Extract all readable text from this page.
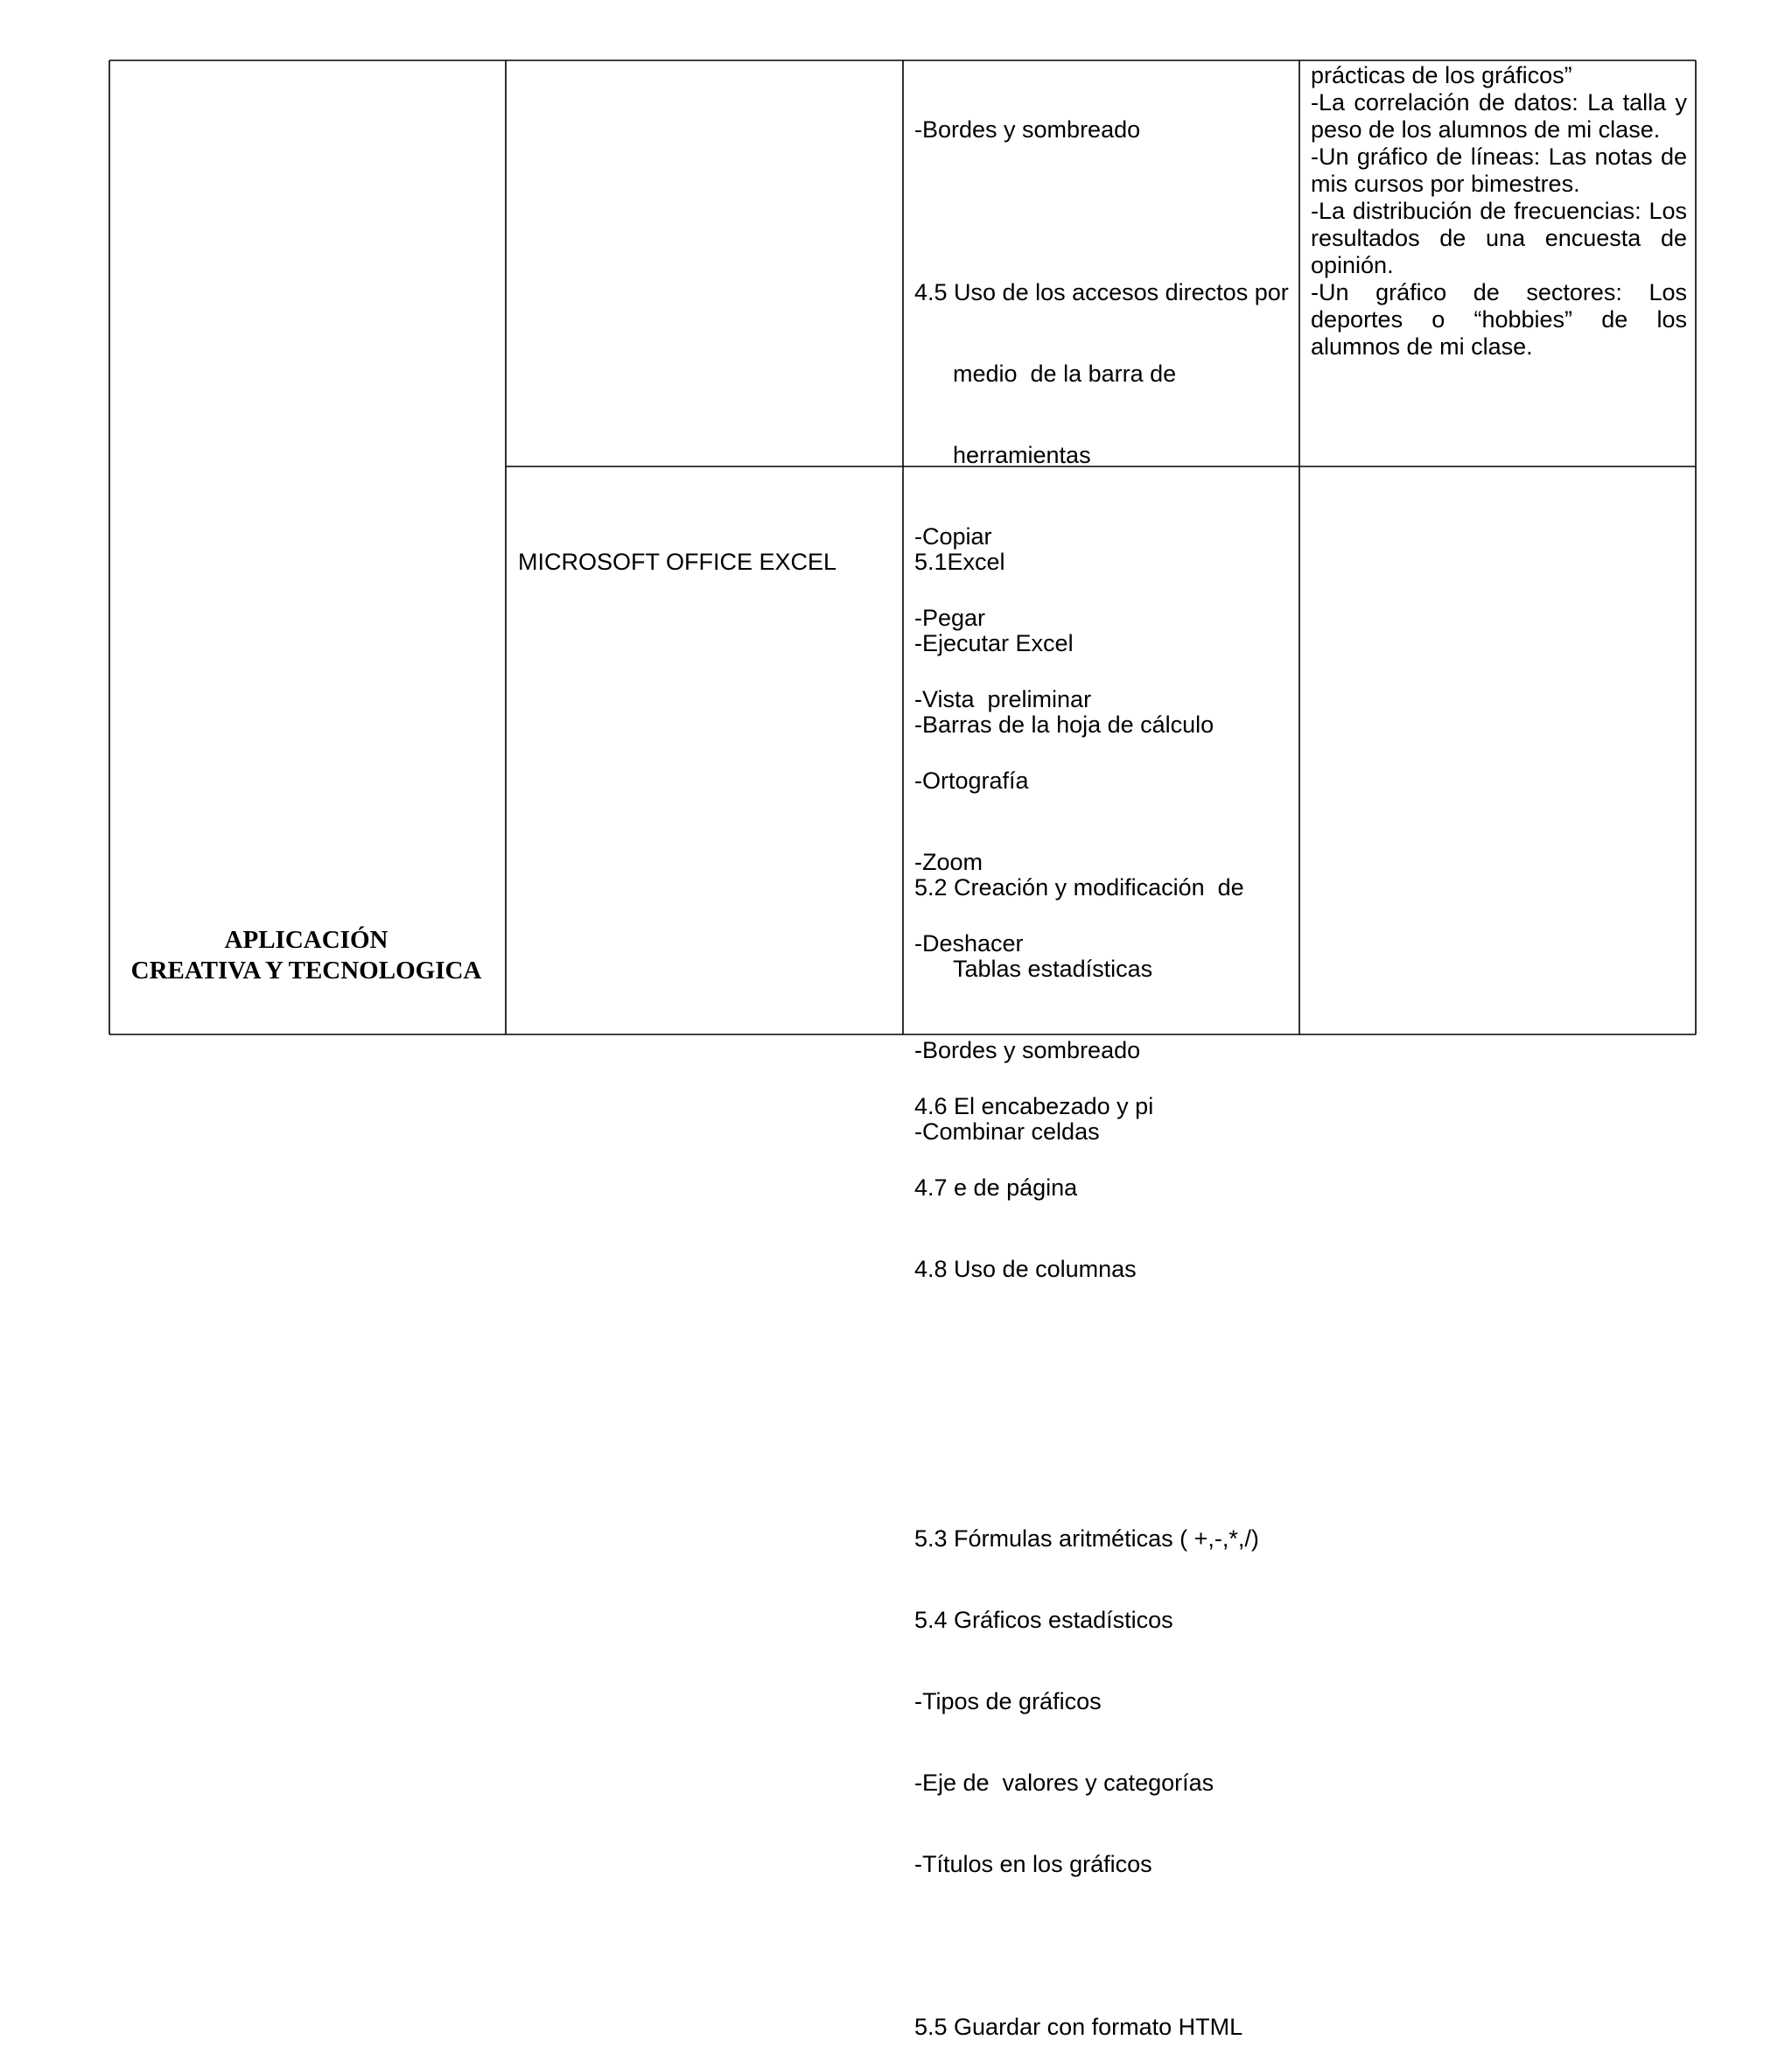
APLICACIÓN
CREATIVA Y TECNOLOGICA

MICROSOFT OFFICE EXCEL

-Bordes y sombreado

4.5 Uso de los accesos directos por

medio  de la barra de

herramientas

-Copiar

-Pegar

-Vista  preliminar

-Ortografía

-Zoom

-Deshacer

4.6 El encabezado y pi

4.7 e de página

4.8 Uso de columnas

prácticas de los gráficos”
-La correlación de datos: La talla y
peso de los alumnos de mi clase.
-Un gráfico de líneas: Las notas de
mis cursos por bimestres.
-La distribución de frecuencias: Los
resultados de una encuesta de
opinión.
-Un gráfico de sectores: Los
deportes o “hobbies” de los
alumnos de mi clase.

5.1Excel

-Ejecutar Excel

-Barras de la hoja de cálculo

5.2 Creación y modificación  de

Tablas estadísticas

-Bordes y sombreado

-Combinar celdas

5.3 Fórmulas aritméticas ( +,-,*,/)

5.4 Gráficos estadísticos

-Tipos de gráficos

-Eje de  valores y categorías

-Títulos en los gráficos

5.5 Guardar con formato HTML
